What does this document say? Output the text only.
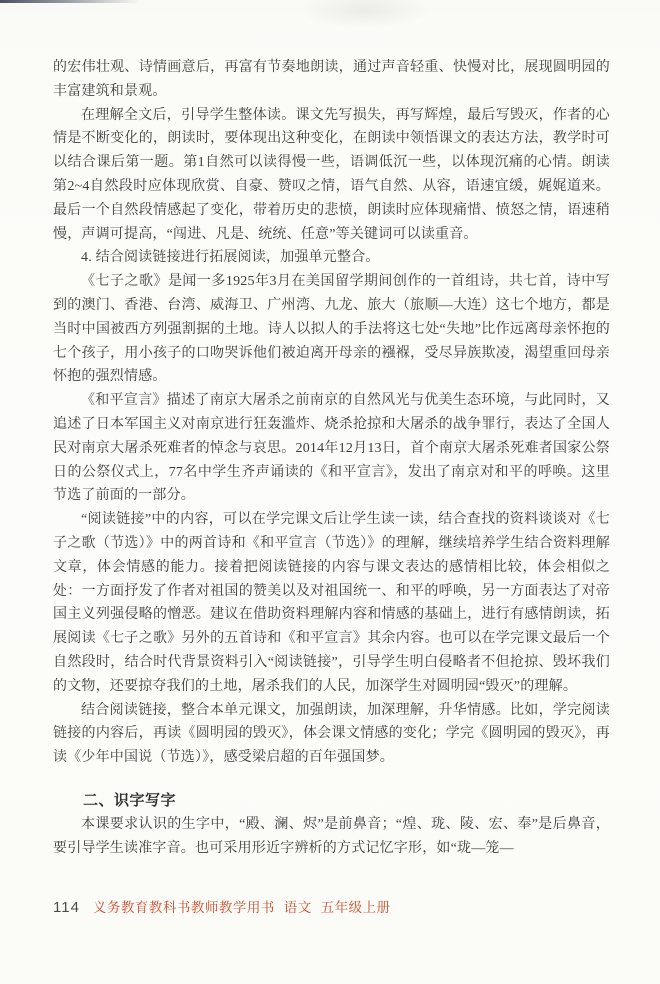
的宏伟壮观、诗情画意后，再富有节奏地朗读，通过声音轻重、快慢对比，展现圆明园的丰富建筑和景观。

在理解全文后，引导学生整体读。课文先写损失，再写辉煌，最后写毁灭，作者的心情是不断变化的，朗读时，要体现出这种变化，在朗读中领悟课文的表达方法，教学时可以结合课后第一题。第1自然可以读得慢一些，语调低沉一些，以体现沉痛的心情。朗读第2~4自然段时应体现欣赏、自豪、赞叹之情，语气自然、从容，语速宜缓，娓娓道来。最后一个自然段情感起了变化，带着历史的悲愤，朗读时应体现痛惜、愤怒之情，语速稍慢，声调可提高，“闯进、凡是、统统、任意”等关键词可以读重音。

4. 结合阅读链接进行拓展阅读，加强单元整合。

《七子之歌》是闻一多1925年3月在美国留学期间创作的一首组诗，共七首，诗中写到的澳门、香港、台湾、威海卫、广州湾、九龙、旅大（旅顺—大连）这七个地方，都是当时中国被西方列强割据的土地。诗人以拟人的手法将这七处“失地”比作远离母亲怀抱的七个孩子，用小孩子的口吻哭诉他们被迫离开母亲的襁褓，受尽异族欺凌，渴望重回母亲怀抱的强烈情感。

《和平宣言》描述了南京大屠杀之前南京的自然风光与优美生态环境，与此同时，又追述了日本军国主义对南京进行狂轰滥炸、烧杀抢掠和大屠杀的战争罪行，表达了全国人民对南京大屠杀死难者的悼念与哀思。2014年12月13日，首个南京大屠杀死难者国家公祭日的公祭仪式上，77名中学生齐声诵读的《和平宣言》，发出了南京对和平的呼唤。这里节选了前面的一部分。

“阅读链接”中的内容，可以在学完课文后让学生读一读，结合查找的资料谈谈对《七子之歌（节选）》中的两首诗和《和平宣言（节选）》的理解，继续培养学生结合资料理解文章，体会情感的能力。接着把阅读链接的内容与课文表达的感情相比较，体会相似之处：一方面抒发了作者对祖国的赞美以及对祖国统一、和平的呼唤，另一方面表达了对帝国主义列强侵略的憎恶。建议在借助资料理解内容和情感的基础上，进行有感情朗读，拓展阅读《七子之歌》另外的五首诗和《和平宣言》其余内容。也可以在学完课文最后一个自然段时，结合时代背景资料引入“阅读链接”，引导学生明白侵略者不但抢掠、毁坏我们的文物，还要掠夺我们的土地，屠杀我们的人民，加深学生对圆明园“毁灭”的理解。

结合阅读链接，整合本单元课文，加强朗读，加深理解，升华情感。比如，学完阅读链接的内容后，再读《圆明园的毁灭》，体会课文情感的变化；学完《圆明园的毁灭》，再读《少年中国说（节选）》，感受梁启超的百年强国梦。

二、识字写字

本课要求认识的生字中，“殿、澜、烬”是前鼻音；“煌、珑、陵、宏、奉”是后鼻音，要引导学生读准字音。也可采用形近字辨析的方式记忆字形，如“珑—笼—

114 义务教育教科书教师教学用书 语文 五年级上册
